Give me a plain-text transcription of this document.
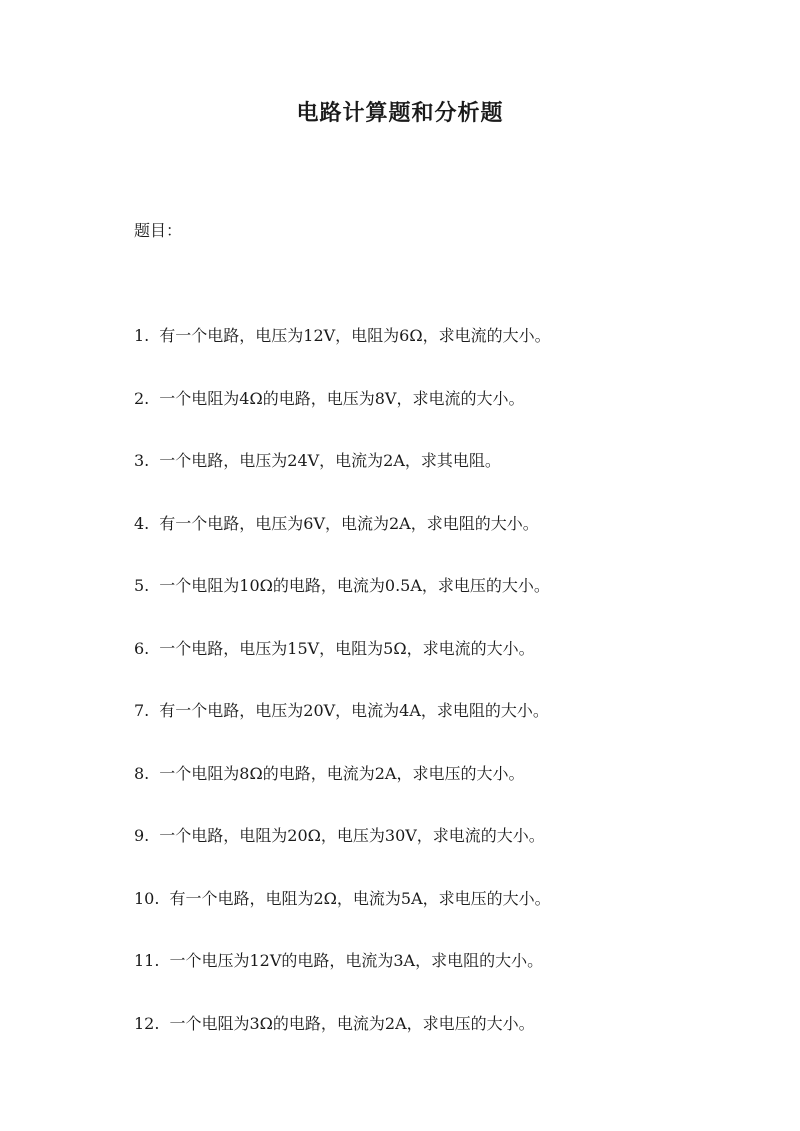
电路计算题和分析题
题目：
1. 有一个电路，电压为12V，电阻为6Ω，求电流的大小。
2. 一个电阻为4Ω的电路，电压为8V，求电流的大小。
3. 一个电路，电压为24V，电流为2A，求其电阻。
4. 有一个电路，电压为6V，电流为2A，求电阻的大小。
5. 一个电阻为10Ω的电路，电流为0.5A，求电压的大小。
6. 一个电路，电压为15V，电阻为5Ω，求电流的大小。
7. 有一个电路，电压为20V，电流为4A，求电阻的大小。
8. 一个电阻为8Ω的电路，电流为2A，求电压的大小。
9. 一个电路，电阻为20Ω，电压为30V，求电流的大小。
10. 有一个电路，电阻为2Ω，电流为5A，求电压的大小。
11. 一个电压为12V的电路，电流为3A，求电阻的大小。
12. 一个电阻为3Ω的电路，电流为2A，求电压的大小。
